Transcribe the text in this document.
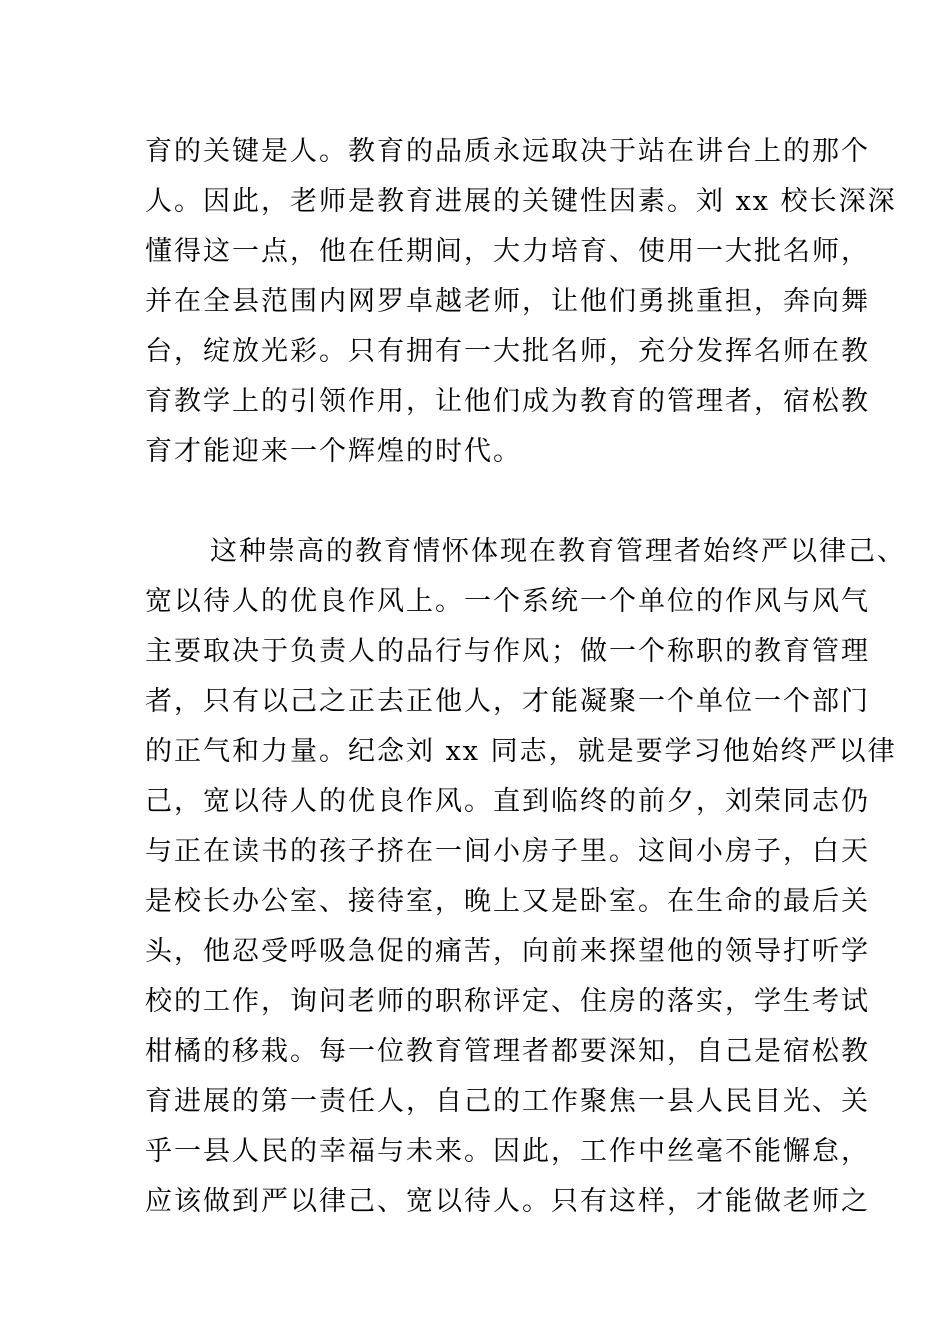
育的关键是人。教育的品质永远取决于站在讲台上的那个
人。因此，老师是教育进展的关键性因素。刘 xx 校长深深
懂得这一点，他在任期间，大力培育、使用一大批名师，
并在全县范围内网罗卓越老师，让他们勇挑重担，奔向舞
台，绽放光彩。只有拥有一大批名师，充分发挥名师在教
育教学上的引领作用，让他们成为教育的管理者，宿松教
育才能迎来一个辉煌的时代。
这种崇高的教育情怀体现在教育管理者始终严以律己、
宽以待人的优良作风上。一个系统一个单位的作风与风气
主要取决于负责人的品行与作风；做一个称职的教育管理
者，只有以己之正去正他人，才能凝聚一个单位一个部门
的正气和力量。纪念刘 xx 同志，就是要学习他始终严以律
己，宽以待人的优良作风。直到临终的前夕，刘荣同志仍
与正在读书的孩子挤在一间小房子里。这间小房子，白天
是校长办公室、接待室，晚上又是卧室。在生命的最后关
头，他忍受呼吸急促的痛苦，向前来探望他的领导打听学
校的工作，询问老师的职称评定、住房的落实，学生考试
柑橘的移栽。每一位教育管理者都要深知，自己是宿松教
育进展的第一责任人，自己的工作聚焦一县人民目光、关
乎一县人民的幸福与未来。因此，工作中丝毫不能懈怠，
应该做到严以律己、宽以待人。只有这样，才能做老师之
